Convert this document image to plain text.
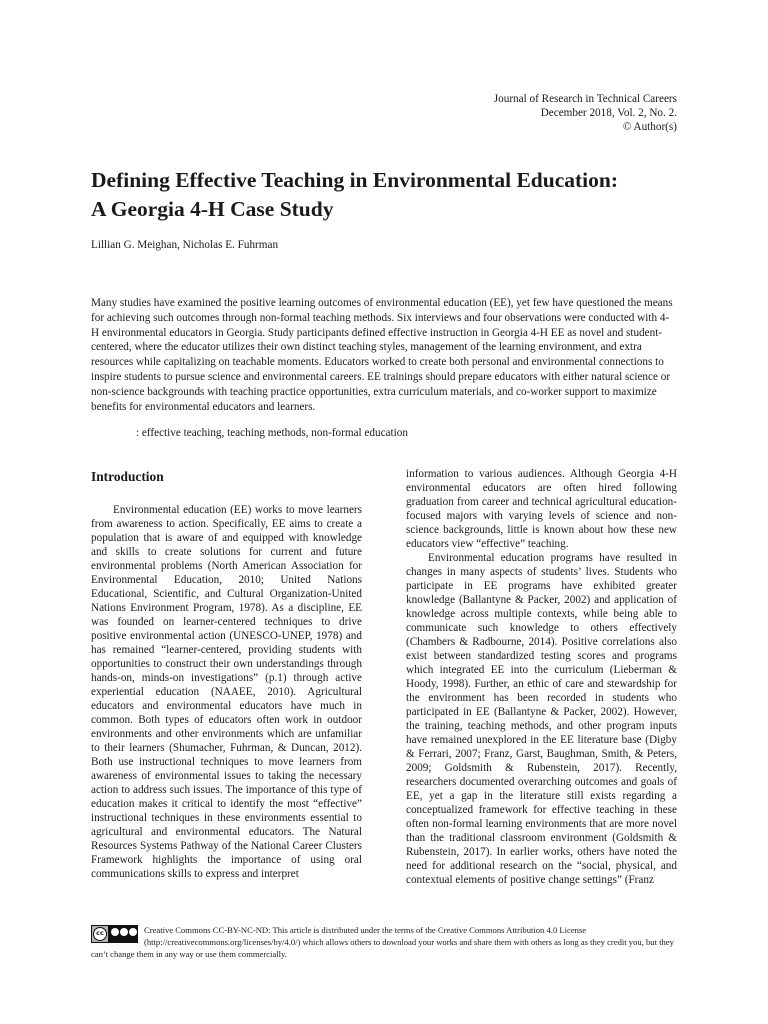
Journal of Research in Technical Careers
December 2018, Vol. 2, No. 2.
© Author(s)
Defining Effective Teaching in Environmental Education:
A Georgia 4-H Case Study
Lillian G. Meighan, Nicholas E. Fuhrman

Many studies have examined the positive learning outcomes of environmental education (EE), yet few have questioned the means for achieving such outcomes through non-formal teaching methods. Six interviews and four observations were conducted with 4-H environmental educators in Georgia. Study participants defined effective instruction in Georgia 4-H EE as novel and student-centered, where the educator utilizes their own distinct teaching styles, management of the learning environment, and extra resources while capitalizing on teachable moments. Educators worked to create both personal and environmental connections to inspire students to pursue science and environmental careers. EE trainings should prepare educators with either natural science or non-science backgrounds with teaching practice opportunities, extra curriculum materials, and co-worker support to maximize benefits for environmental educators and learners.

: effective teaching, teaching methods, non-formal education
Introduction

Environmental education (EE) works to move learners from awareness to action. Specifically, EE aims to create a population that is aware of and equipped with knowledge and skills to create solutions for current and future environmental problems (North American Association for Environmental Education, 2010; United Nations Educational, Scientific, and Cultural Organization-United Nations Environment Program, 1978). As a discipline, EE was founded on learner-centered techniques to drive positive environmental action (UNESCO-UNEP, 1978) and has remained “learner-centered, providing students with opportunities to construct their own understandings through hands-on, minds-on investigations” (p.1) through active experiential education (NAAEE, 2010). Agricultural educators and environmental educators have much in common. Both types of educators often work in outdoor environments and other environments which are unfamiliar to their learners (Shumacher, Fuhrman, & Duncan, 2012). Both use instructional techniques to move learners from awareness of environmental issues to taking the necessary action to address such issues. The importance of this type of education makes it critical to identify the most “effective” instructional techniques in these environments essential to agricultural and environmental educators. The Natural Resources Systems Pathway of the National Career Clusters Framework highlights the importance of using oral communications skills to express and interpret

information to various audiences. Although Georgia 4-H environmental educators are often hired following graduation from career and technical agricultural education-focused majors with varying levels of science and non-science backgrounds, little is known about how these new educators view “effective” teaching.

Environmental education programs have resulted in changes in many aspects of students’ lives. Students who participate in EE programs have exhibited greater knowledge (Ballantyne & Packer, 2002) and application of knowledge across multiple contexts, while being able to communicate such knowledge to others effectively (Chambers & Radbourne, 2014). Positive correlations also exist between standardized testing scores and programs which integrated EE into the curriculum (Lieberman & Hoody, 1998). Further, an ethic of care and stewardship for the environment has been recorded in students who participated in EE (Ballantyne & Packer, 2002). However, the training, teaching methods, and other program inputs have remained unexplored in the EE literature base (Digby & Ferrari, 2007; Franz, Garst, Baughman, Smith, & Peters, 2009; Goldsmith & Rubenstein, 2017). Recently, researchers documented overarching outcomes and goals of EE, yet a gap in the literature still exists regarding a conceptualized framework for effective teaching in these often non-formal learning environments that are more novel than the traditional classroom environment (Goldsmith & Rubenstein, 2017). In earlier works, others have noted the need for additional research on the “social, physical, and contextual elements of positive change settings” (Franz

cc	Creative Commons CC-BY-NC-ND: This article is distributed under the terms of the Creative Commons Attribution 4.0 License (http://creativecommons.org/licenses/by/4.0/) which allows others to download your works and share them with others as long as they credit you, but they can’t change them in any way or use them commercially.
